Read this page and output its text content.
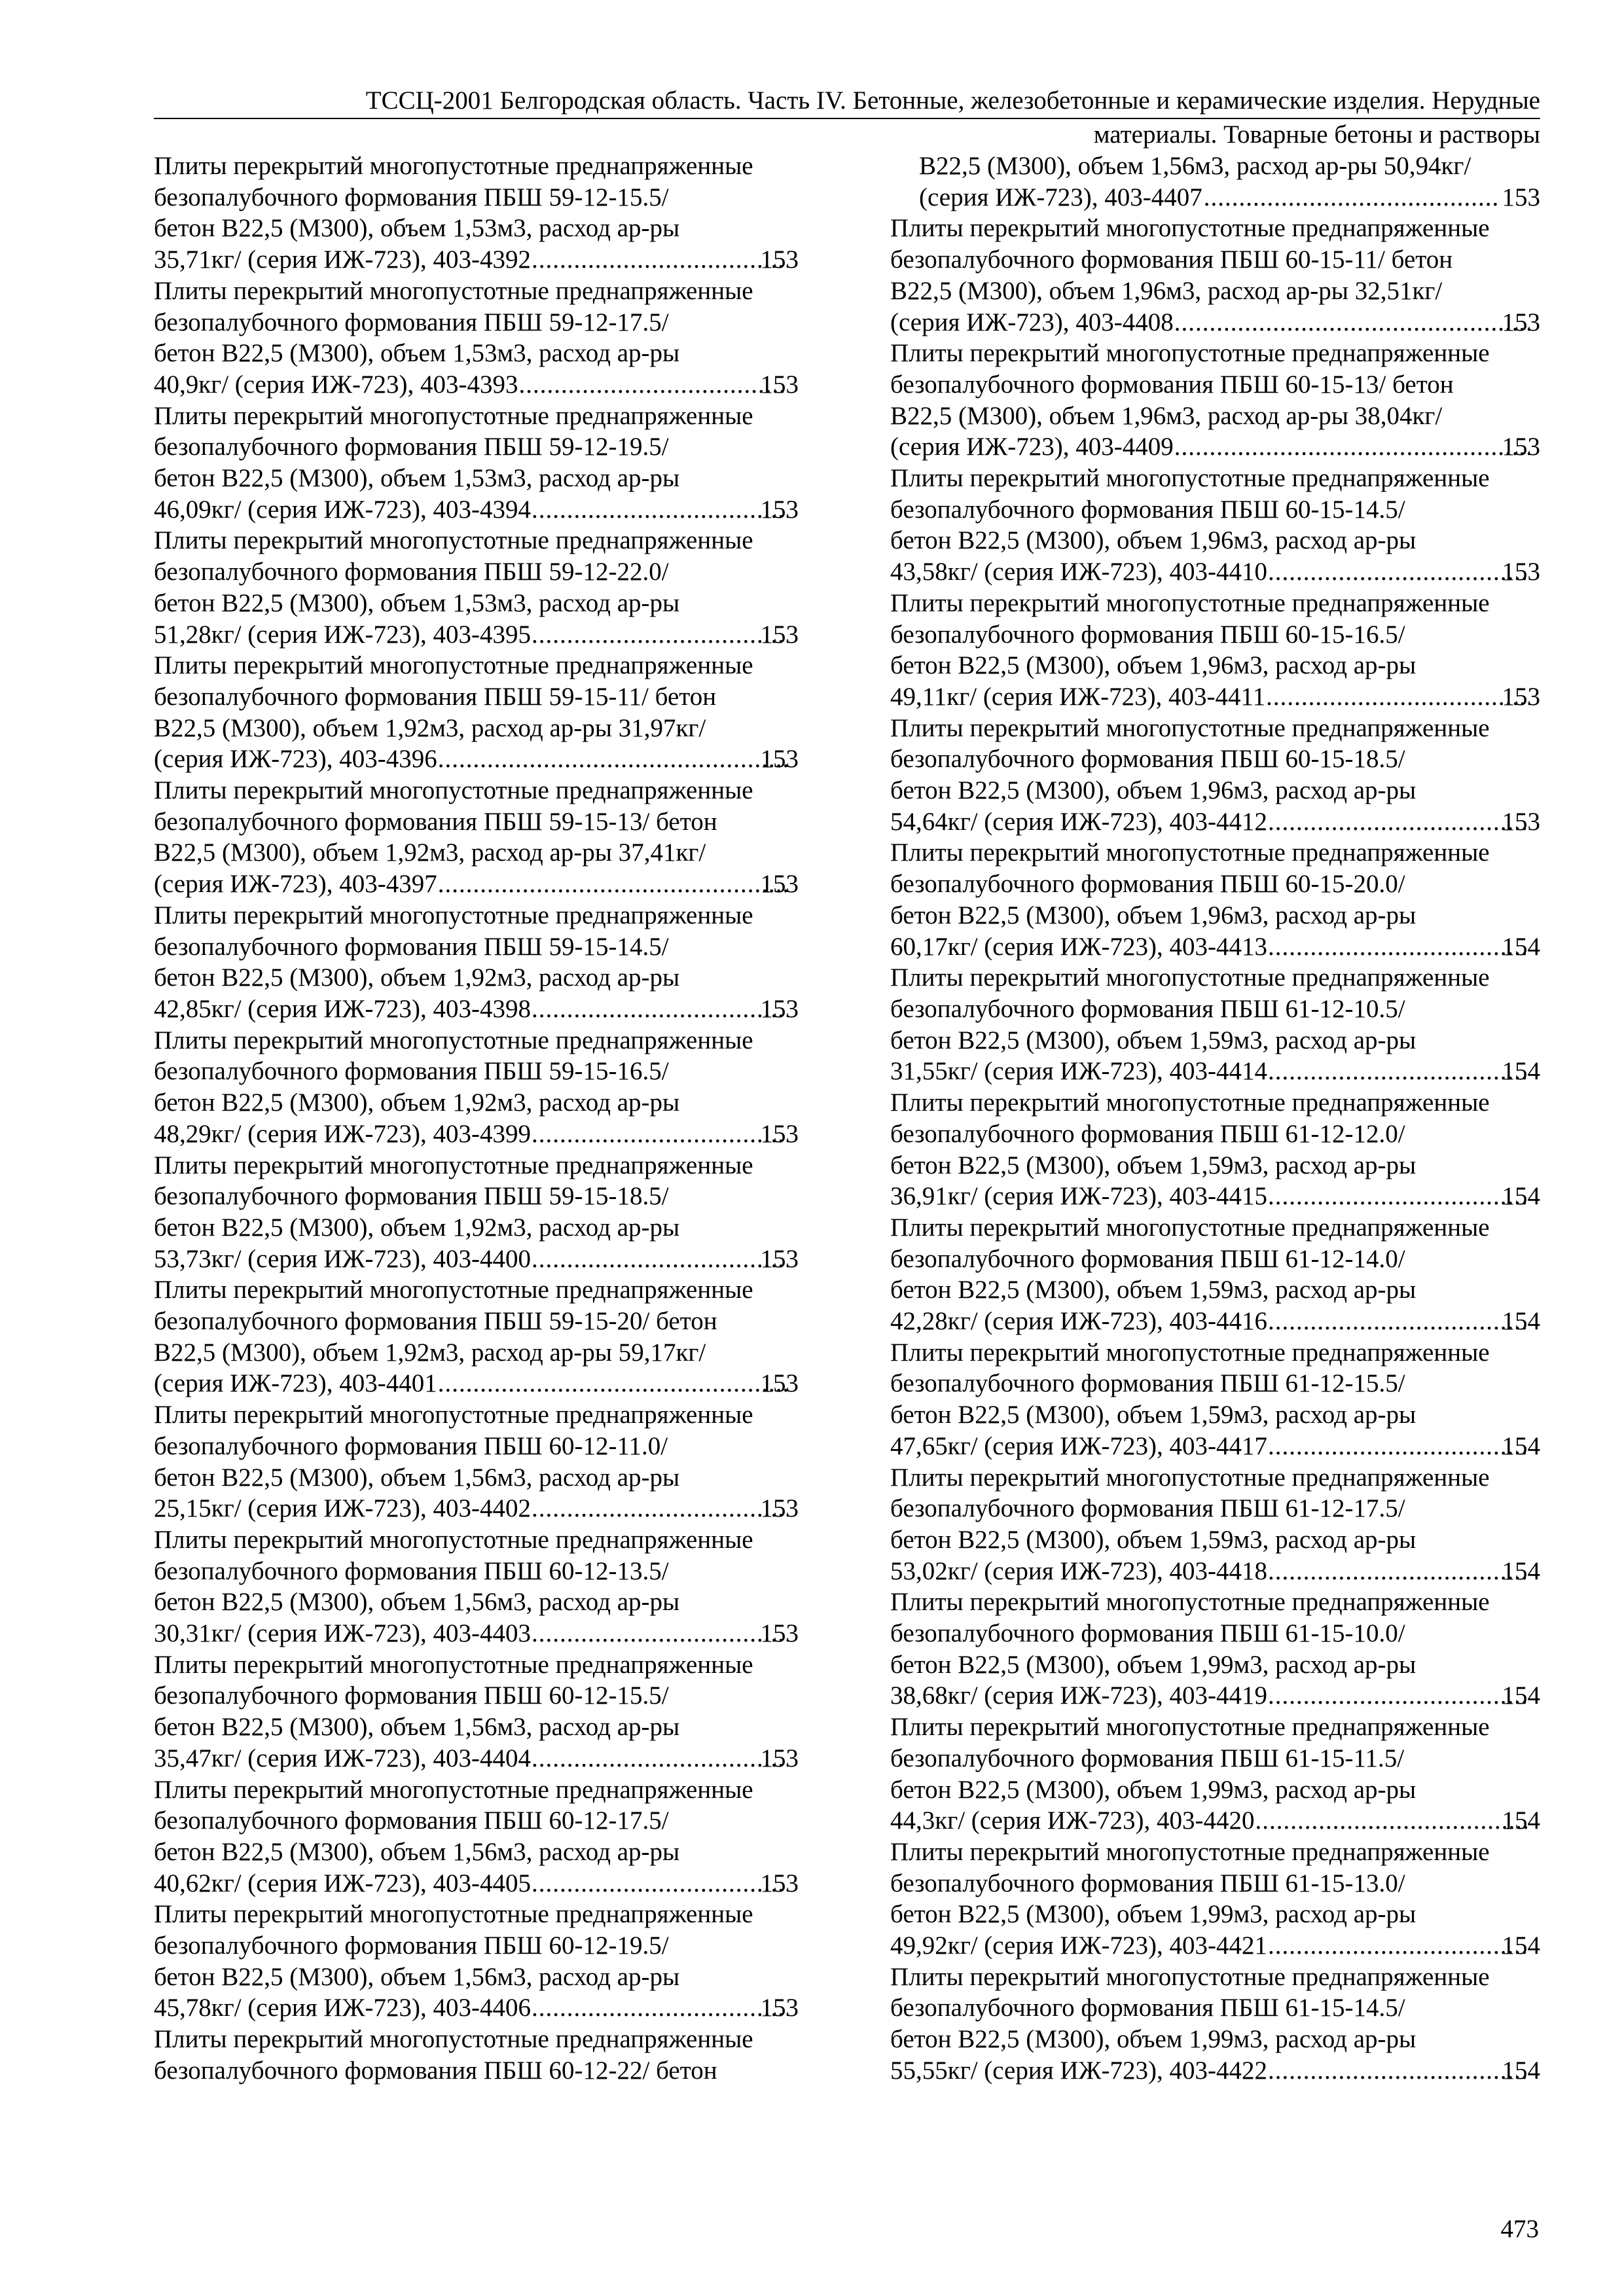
ТССЦ-2001 Белгородская область. Часть IV. Бетонные, железобетонные и керамические изделия. Нерудные
материалы. Товарные бетоны и растворы
Плиты перекрытий многопустотные преднапряженные
безопалубочного формования ПБШ 59-12-15.5/
бетон В22,5 (М300), объем 1,53м3, расход ар-ры
35,71кг/ (серия ИЖ-723), 403-4392 .....	153
Плиты перекрытий многопустотные преднапряженные
безопалубочного формования ПБШ 59-12-17.5/
бетон В22,5 (М300), объем 1,53м3, расход ар-ры
40,9кг/ (серия ИЖ-723), 403-4393 .....	153
Плиты перекрытий многопустотные преднапряженные
безопалубочного формования ПБШ 59-12-19.5/
бетон В22,5 (М300), объем 1,53м3, расход ар-ры
46,09кг/ (серия ИЖ-723), 403-4394 .....	153
Плиты перекрытий многопустотные преднапряженные
безопалубочного формования ПБШ 59-12-22.0/
бетон В22,5 (М300), объем 1,53м3, расход ар-ры
51,28кг/ (серия ИЖ-723), 403-4395 .....	153
Плиты перекрытий многопустотные преднапряженные
безопалубочного формования ПБШ 59-15-11/ бетон
В22,5 (М300), объем 1,92м3, расход ар-ры 31,97кг/
(серия ИЖ-723), 403-4396 .....	153
Плиты перекрытий многопустотные преднапряженные
безопалубочного формования ПБШ 59-15-13/ бетон
В22,5 (М300), объем 1,92м3, расход ар-ры 37,41кг/
(серия ИЖ-723), 403-4397 .....	153
Плиты перекрытий многопустотные преднапряженные
безопалубочного формования ПБШ 59-15-14.5/
бетон В22,5 (М300), объем 1,92м3, расход ар-ры
42,85кг/ (серия ИЖ-723), 403-4398 .....	153
Плиты перекрытий многопустотные преднапряженные
безопалубочного формования ПБШ 59-15-16.5/
бетон В22,5 (М300), объем 1,92м3, расход ар-ры
48,29кг/ (серия ИЖ-723), 403-4399 .....	153
Плиты перекрытий многопустотные преднапряженные
безопалубочного формования ПБШ 59-15-18.5/
бетон В22,5 (М300), объем 1,92м3, расход ар-ры
53,73кг/ (серия ИЖ-723), 403-4400 .....	153
Плиты перекрытий многопустотные преднапряженные
безопалубочного формования ПБШ 59-15-20/ бетон
В22,5 (М300), объем 1,92м3, расход ар-ры 59,17кг/
(серия ИЖ-723), 403-4401 .....	153
Плиты перекрытий многопустотные преднапряженные
безопалубочного формования ПБШ 60-12-11.0/
бетон В22,5 (М300), объем 1,56м3, расход ар-ры
25,15кг/ (серия ИЖ-723), 403-4402 .....	153
Плиты перекрытий многопустотные преднапряженные
безопалубочного формования ПБШ 60-12-13.5/
бетон В22,5 (М300), объем 1,56м3, расход ар-ры
30,31кг/ (серия ИЖ-723), 403-4403 .....	153
Плиты перекрытий многопустотные преднапряженные
безопалубочного формования ПБШ 60-12-15.5/
бетон В22,5 (М300), объем 1,56м3, расход ар-ры
35,47кг/ (серия ИЖ-723), 403-4404 .....	153
Плиты перекрытий многопустотные преднапряженные
безопалубочного формования ПБШ 60-12-17.5/
бетон В22,5 (М300), объем 1,56м3, расход ар-ры
40,62кг/ (серия ИЖ-723), 403-4405 .....	153
Плиты перекрытий многопустотные преднапряженные
безопалубочного формования ПБШ 60-12-19.5/
бетон В22,5 (М300), объем 1,56м3, расход ар-ры
45,78кг/ (серия ИЖ-723), 403-4406 .....	153
Плиты перекрытий многопустотные преднапряженные
безопалубочного формования ПБШ 60-12-22/ бетон
В22,5 (М300), объем 1,56м3, расход ар-ры 50,94кг/
(серия ИЖ-723), 403-4407 .....	153
Плиты перекрытий многопустотные преднапряженные
безопалубочного формования ПБШ 60-15-11/ бетон
В22,5 (М300), объем 1,96м3, расход ар-ры 32,51кг/
(серия ИЖ-723), 403-4408 .....	153
Плиты перекрытий многопустотные преднапряженные
безопалубочного формования ПБШ 60-15-13/ бетон
В22,5 (М300), объем 1,96м3, расход ар-ры 38,04кг/
(серия ИЖ-723), 403-4409 .....	153
Плиты перекрытий многопустотные преднапряженные
безопалубочного формования ПБШ 60-15-14.5/
бетон В22,5 (М300), объем 1,96м3, расход ар-ры
43,58кг/ (серия ИЖ-723), 403-4410 .....	153
Плиты перекрытий многопустотные преднапряженные
безопалубочного формования ПБШ 60-15-16.5/
бетон В22,5 (М300), объем 1,96м3, расход ар-ры
49,11кг/ (серия ИЖ-723), 403-4411 .....	153
Плиты перекрытий многопустотные преднапряженные
безопалубочного формования ПБШ 60-15-18.5/
бетон В22,5 (М300), объем 1,96м3, расход ар-ры
54,64кг/ (серия ИЖ-723), 403-4412 .....	153
Плиты перекрытий многопустотные преднапряженные
безопалубочного формования ПБШ 60-15-20.0/
бетон В22,5 (М300), объем 1,96м3, расход ар-ры
60,17кг/ (серия ИЖ-723), 403-4413 .....	154
Плиты перекрытий многопустотные преднапряженные
безопалубочного формования ПБШ 61-12-10.5/
бетон В22,5 (М300), объем 1,59м3, расход ар-ры
31,55кг/ (серия ИЖ-723), 403-4414 .....	154
Плиты перекрытий многопустотные преднапряженные
безопалубочного формования ПБШ 61-12-12.0/
бетон В22,5 (М300), объем 1,59м3, расход ар-ры
36,91кг/ (серия ИЖ-723), 403-4415 .....	154
Плиты перекрытий многопустотные преднапряженные
безопалубочного формования ПБШ 61-12-14.0/
бетон В22,5 (М300), объем 1,59м3, расход ар-ры
42,28кг/ (серия ИЖ-723), 403-4416 .....	154
Плиты перекрытий многопустотные преднапряженные
безопалубочного формования ПБШ 61-12-15.5/
бетон В22,5 (М300), объем 1,59м3, расход ар-ры
47,65кг/ (серия ИЖ-723), 403-4417 .....	154
Плиты перекрытий многопустотные преднапряженные
безопалубочного формования ПБШ 61-12-17.5/
бетон В22,5 (М300), объем 1,59м3, расход ар-ры
53,02кг/ (серия ИЖ-723), 403-4418 .....	154
Плиты перекрытий многопустотные преднапряженные
безопалубочного формования ПБШ 61-15-10.0/
бетон В22,5 (М300), объем 1,99м3, расход ар-ры
38,68кг/ (серия ИЖ-723), 403-4419 .....	154
Плиты перекрытий многопустотные преднапряженные
безопалубочного формования ПБШ 61-15-11.5/
бетон В22,5 (М300), объем 1,99м3, расход ар-ры
44,3кг/ (серия ИЖ-723), 403-4420 .....	154
Плиты перекрытий многопустотные преднапряженные
безопалубочного формования ПБШ 61-15-13.0/
бетон В22,5 (М300), объем 1,99м3, расход ар-ры
49,92кг/ (серия ИЖ-723), 403-4421 .....	154
Плиты перекрытий многопустотные преднапряженные
безопалубочного формования ПБШ 61-15-14.5/
бетон В22,5 (М300), объем 1,99м3, расход ар-ры
55,55кг/ (серия ИЖ-723), 403-4422 .....	154
473
